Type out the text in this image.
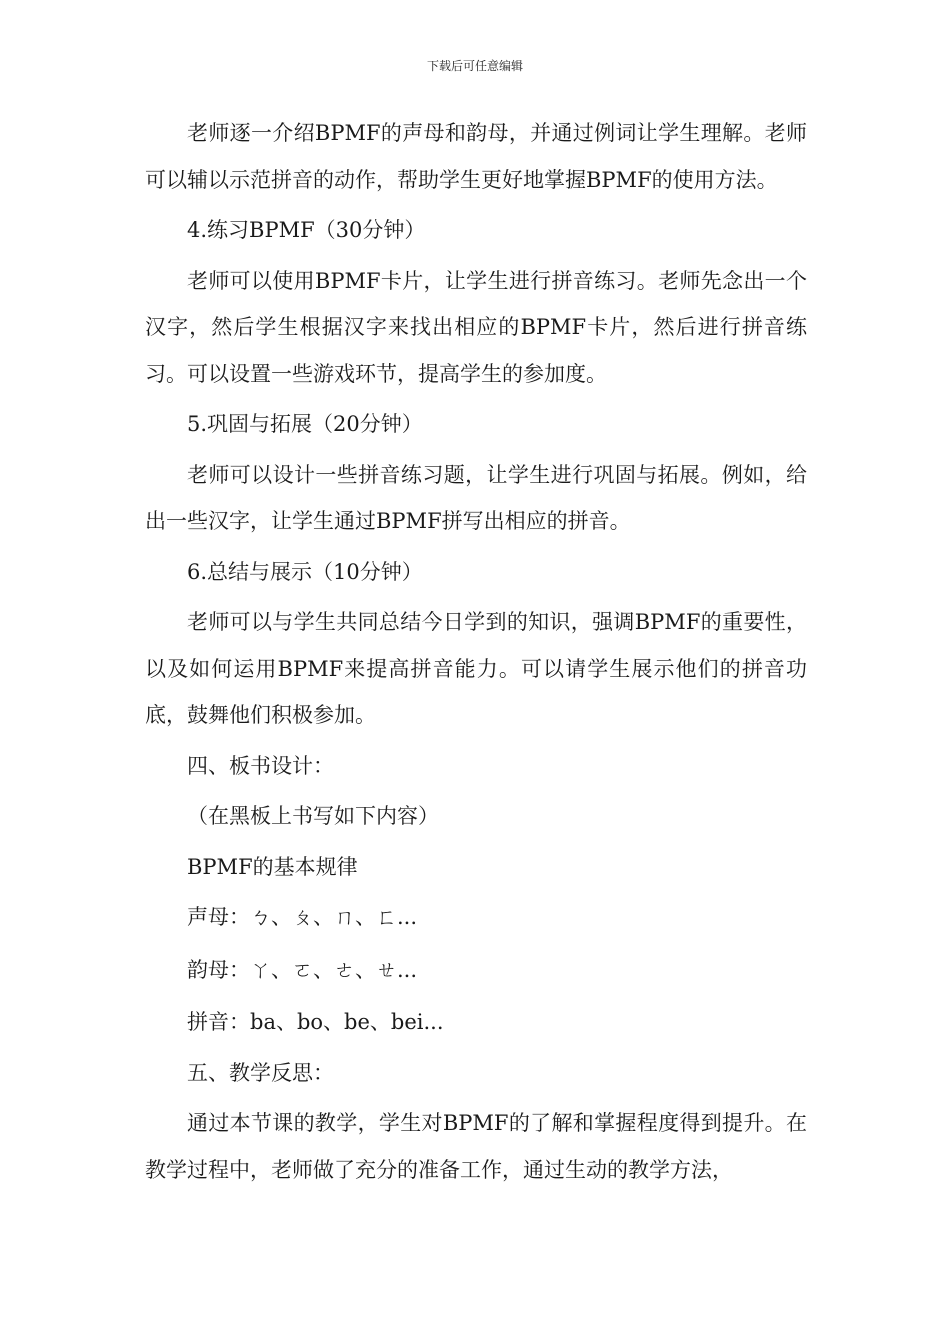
下载后可任意编辑

老师逐一介绍BPMF的声母和韵母，并通过例词让学生理解。老师可以辅以示范拼音的动作，帮助学生更好地掌握BPMF的使用方法。

4.练习BPMF（30分钟）

老师可以使用BPMF卡片，让学生进行拼音练习。老师先念出一个汉字，然后学生根据汉字来找出相应的BPMF卡片，然后进行拼音练习。可以设置一些游戏环节，提高学生的参加度。

5.巩固与拓展（20分钟）

老师可以设计一些拼音练习题，让学生进行巩固与拓展。例如，给出一些汉字，让学生通过BPMF拼写出相应的拼音。

6.总结与展示（10分钟）

老师可以与学生共同总结今日学到的知识，强调BPMF的重要性，以及如何运用BPMF来提高拼音能力。可以请学生展示他们的拼音功底，鼓舞他们积极参加。

四、板书设计：

（在黑板上书写如下内容）

BPMF的基本规律

声母：ㄅ、ㄆ、ㄇ、ㄈ...

韵母：ㄚ、ㄛ、ㄜ、ㄝ...

拼音：ba、bo、be、bei...

五、教学反思：

通过本节课的教学，学生对BPMF的了解和掌握程度得到提升。在教学过程中，老师做了充分的准备工作，通过生动的教学方法，
